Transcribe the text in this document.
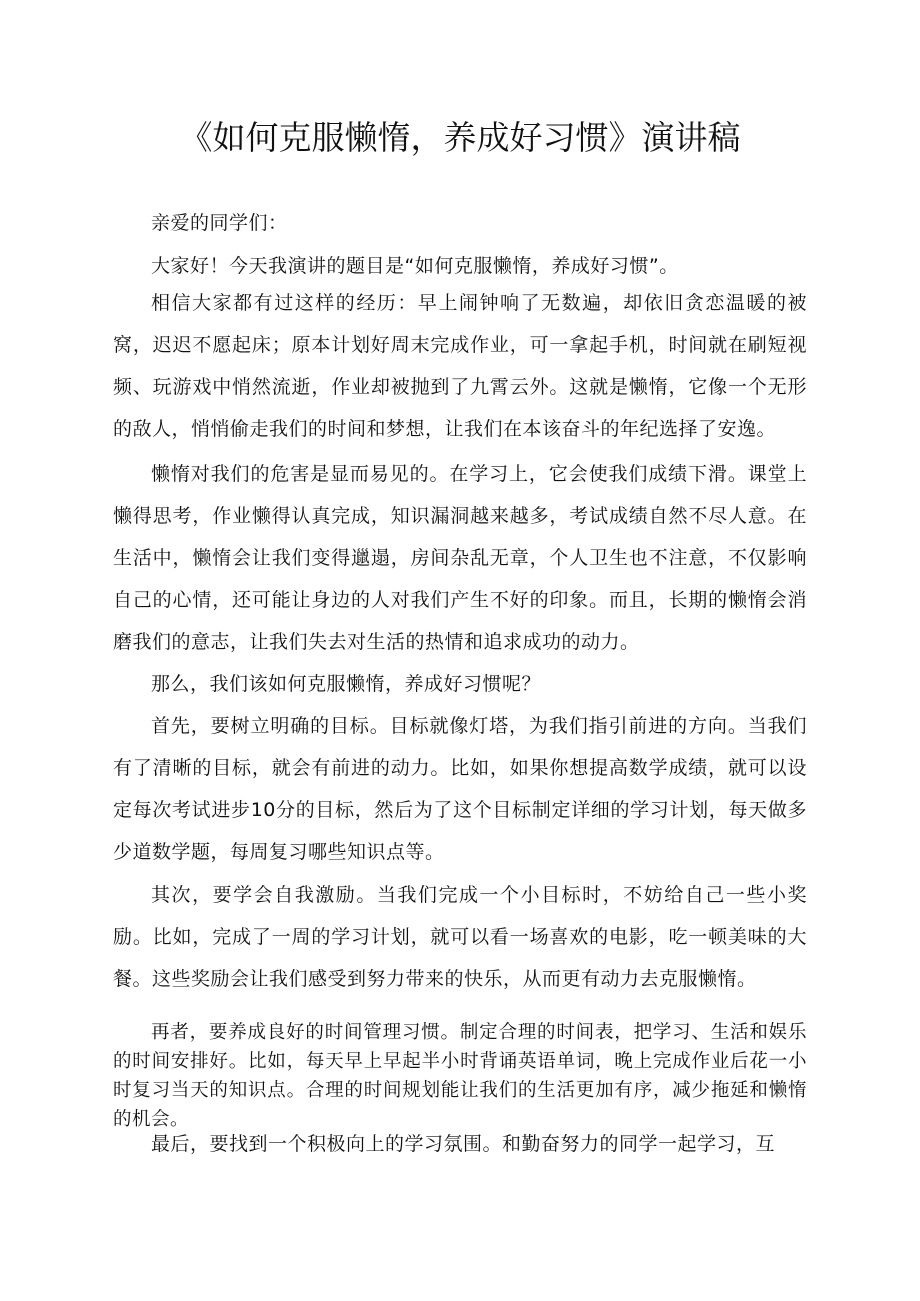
《如何克服懒惰，养成好习惯》演讲稿

亲爱的同学们：

大家好！今天我演讲的题目是“如何克服懒惰，养成好习惯”。

相信大家都有过这样的经历：早上闹钟响了无数遍，却依旧贪恋温暖的被窝，迟迟不愿起床；原本计划好周末完成作业，可一拿起手机，时间就在刷短视频、玩游戏中悄然流逝，作业却被抛到了九霄云外。这就是懒惰，它像一个无形的敌人，悄悄偷走我们的时间和梦想，让我们在本该奋斗的年纪选择了安逸。

懒惰对我们的危害是显而易见的。在学习上，它会使我们成绩下滑。课堂上懒得思考，作业懒得认真完成，知识漏洞越来越多，考试成绩自然不尽人意。在生活中，懒惰会让我们变得邋遢，房间杂乱无章，个人卫生也不注意，不仅影响自己的心情，还可能让身边的人对我们产生不好的印象。而且，长期的懒惰会消磨我们的意志，让我们失去对生活的热情和追求成功的动力。

那么，我们该如何克服懒惰，养成好习惯呢？

首先，要树立明确的目标。目标就像灯塔，为我们指引前进的方向。当我们有了清晰的目标，就会有前进的动力。比如，如果你想提高数学成绩，就可以设定每次考试进步10分的目标，然后为了这个目标制定详细的学习计划，每天做多少道数学题，每周复习哪些知识点等。

其次，要学会自我激励。当我们完成一个小目标时，不妨给自己一些小奖励。比如，完成了一周的学习计划，就可以看一场喜欢的电影，吃一顿美味的大餐。这些奖励会让我们感受到努力带来的快乐，从而更有动力去克服懒惰。

再者，要养成良好的时间管理习惯。制定合理的时间表，把学习、生活和娱乐的时间安排好。比如，每天早上早起半小时背诵英语单词，晚上完成作业后花一小时复习当天的知识点。合理的时间规划能让我们的生活更加有序，减少拖延和懒惰的机会。

最后，要找到一个积极向上的学习氛围。和勤奋努力的同学一起学习，互
